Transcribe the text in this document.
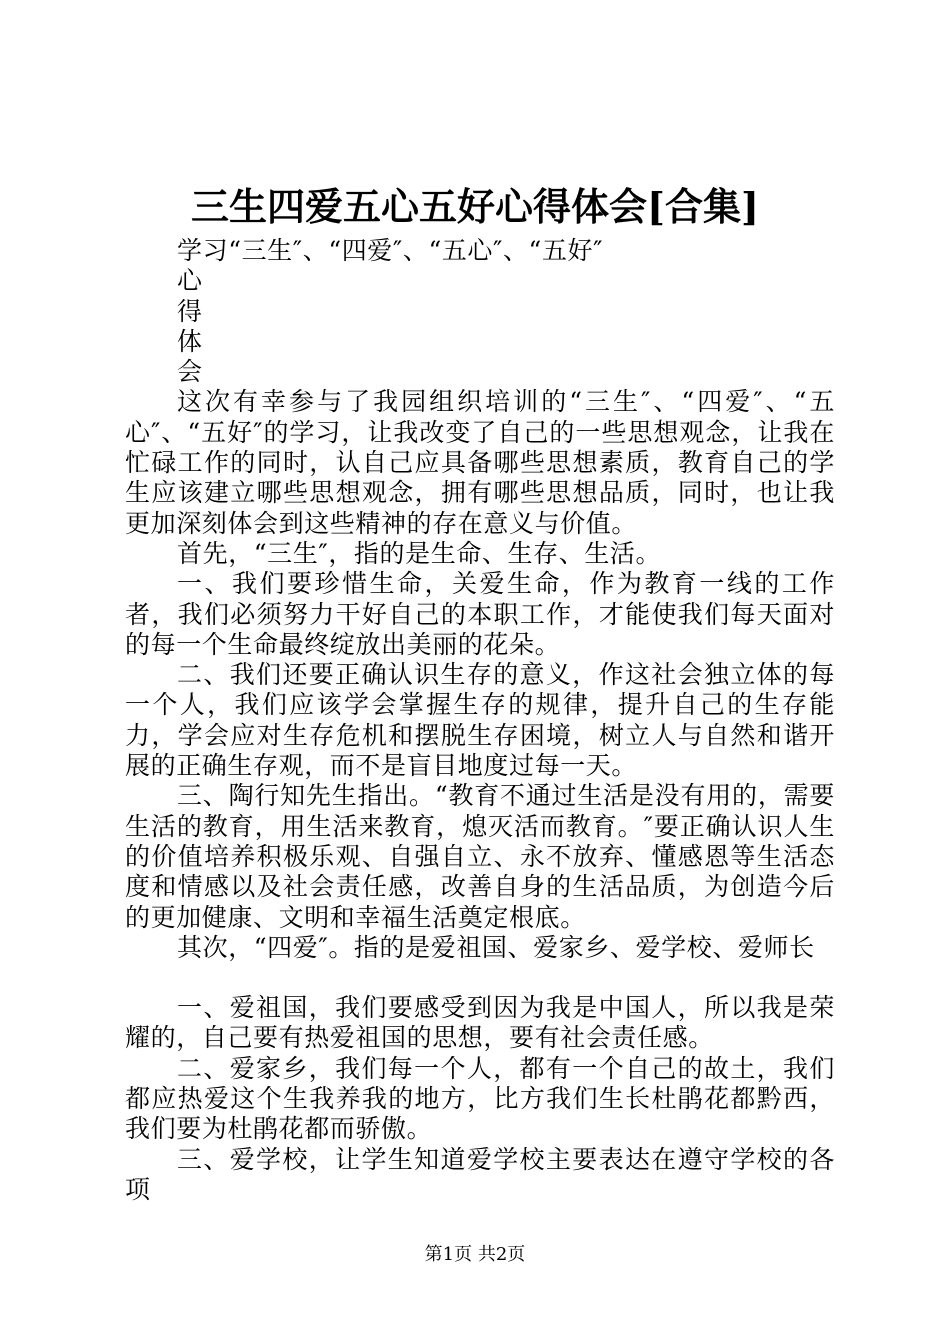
三生四爱五心五好心得体会[合集]

学习“三生″、“四爱″、“五心″、“五好″

心

得

体

会

这次有幸参与了我园组织培训的“三生″、“四爱″、“五心″、“五好″的学习，让我改变了自己的一些思想观念，让我在忙碌工作的同时，认自己应具备哪些思想素质，教育自己的学生应该建立哪些思想观念，拥有哪些思想品质，同时，也让我更加深刻体会到这些精神的存在意义与价值。

首先，“三生″，指的是生命、生存、生活。

一、我们要珍惜生命，关爱生命，作为教育一线的工作者，我们必须努力干好自己的本职工作，才能使我们每天面对的每一个生命最终绽放出美丽的花朵。

二、我们还要正确认识生存的意义，作这社会独立体的每一个人，我们应该学会掌握生存的规律，提升自己的生存能力，学会应对生存危机和摆脱生存困境，树立人与自然和谐开展的正确生存观，而不是盲目地度过每一天。

三、陶行知先生指出。“教育不通过生活是没有用的，需要生活的教育，用生活来教育，熄灭活而教育。″要正确认识人生的价值培养积极乐观、自强自立、永不放弃、懂感恩等生活态度和情感以及社会责任感，改善自身的生活品质，为创造今后的更加健康、文明和幸福生活奠定根底。

其次，“四爱″。指的是爱祖国、爱家乡、爱学校、爱师长

一、爱祖国，我们要感受到因为我是中国人，所以我是荣耀的，自己要有热爱祖国的思想，要有社会责任感。

二、爱家乡，我们每一个人，都有一个自己的故土，我们都应热爱这个生我养我的地方，比方我们生长杜鹃花都黔西，我们要为杜鹃花都而骄傲。

三、爱学校，让学生知道爱学校主要表达在遵守学校的各项

第1页 共2页
